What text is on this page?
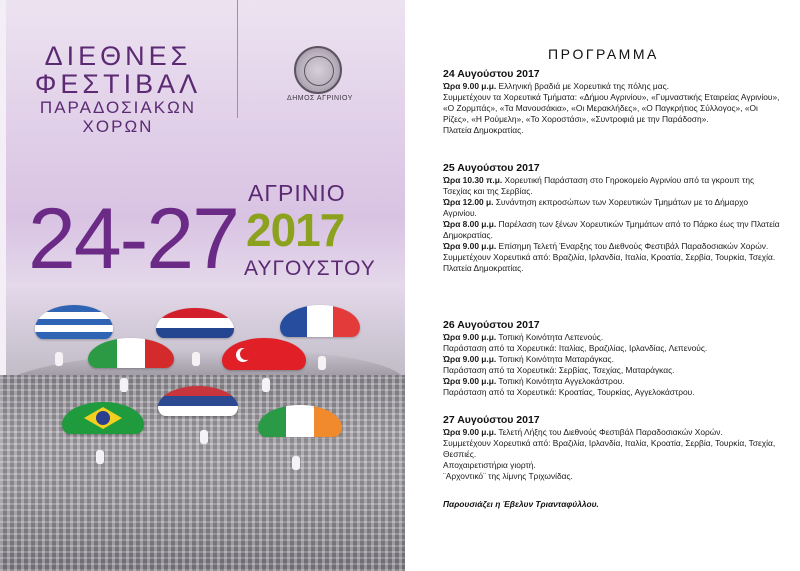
ΔΙΕΘΝΕΣ
ΦΕΣΤΙΒΑΛ
ΠΑΡΑΔΟΣΙΑΚΩΝ
ΧΟΡΩΝ
ΔΗΜΟΣ ΑΓΡΙΝΙΟΥ
24-27 ΑΓΡΙΝΙΟ
2017
ΑΥΓΟΥΣΤΟΥ
ΠΡΟΓΡΑΜΜΑ
24 Αυγούστου 2017

Ώρα 9.00 μ.μ. Ελληνική βραδιά με Χορευτικά της πόλης μας.

Συμμετέχουν τα Χορευτικά Τμήματα: «Δήμου Αγρινίου», «Γυμναστικής Εταιρείας Αγρινίου», «Ο Ζορμπάς», «Τα Μανουσάκια», «Οι Μερακλήδες», «Ο Παγκρήτιος Σύλλογος», «Οι Ρίζες», «Η Ρούμελη», «Το Χοροστάσι», «Συντροφιά με την Παράδοση».

Πλατεία Δημοκρατίας.

25 Αυγούστου 2017

Ώρα 10.30 π.μ. Χορευτική Παράσταση στο Γηροκομείο Αγρινίου από τα γκρουπ της Τσεχίας και της Σερβίας.

Ώρα 12.00 μ. Συνάντηση εκπροσώπων των Χορευτικών Τμημάτων με το Δήμαρχο Αγρινίου.

Ώρα 8.00 μ.μ. Παρέλαση των ξένων Χορευτικών Τμημάτων από το Πάρκο έως την Πλατεία Δημοκρατίας.

Ώρα 9.00 μ.μ. Επίσημη Τελετή Έναρξης του Διεθνούς Φεστιβάλ Παραδοσιακών Χορών.

Συμμετέχουν Χορευτικά από: Βραζιλία, Ιρλανδία, Ιταλία, Κροατία, Σερβία, Τουρκία, Τσεχία.

Πλατεία Δημοκρατίας.

26 Αυγούστου 2017

Ώρα 9.00 μ.μ. Τοπική Κοινότητα Λεπενούς.

Παράσταση από τα Χορευτικά: Ιταλίας, Βραζιλίας, Ιρλανδίας, Λεπενούς.

Ώρα 9.00 μ.μ. Τοπική Κοινότητα Ματαράγκας.

Παράσταση από τα Χορευτικά: Σερβίας, Τσεχίας, Ματαράγκας.

Ώρα 9.00 μ.μ. Τοπική Κοινότητα Αγγελοκάστρου.

Παράσταση από τα Χορευτικά: Κροατίας, Τουρκίας, Αγγελοκάστρου.

27 Αυγούστου 2017

Ώρα 9.00 μ.μ. Τελετή Λήξης του Διεθνούς Φεστιβάλ Παραδοσιακών Χορών.

Συμμετέχουν Χορευτικά από: Βραζιλία, Ιρλανδία, Ιταλία, Κροατία, Σερβία, Τουρκία, Τσεχία, Θεσπιές.

Αποχαιρετιστήρια γιορτή.

¨Αρχοντικό¨ της λίμνης Τριχωνίδας.

Παρουσιάζει η Έβελυν Τριανταφύλλου.
